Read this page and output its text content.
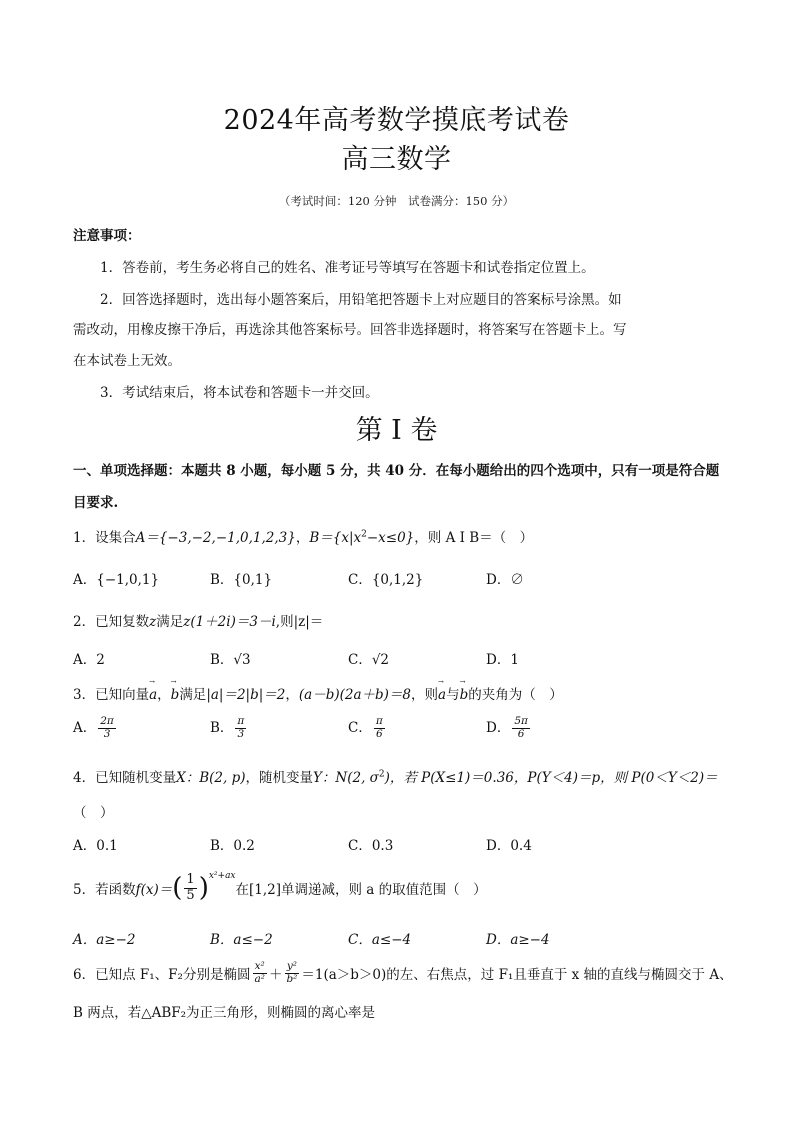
2024年高考数学摸底考试卷
高三数学
（考试时间：120 分钟　试卷满分：150 分）
注意事项：
1．答卷前，考生务必将自己的姓名、准考证号等填写在答题卡和试卷指定位置上。
2．回答选择题时，选出每小题答案后，用铅笔把答题卡上对应题目的答案标号涂黑。如
需改动，用橡皮擦干净后，再选涂其他答案标号。回答非选择题时，将答案写在答题卡上。写
在本试卷上无效。
3．考试结束后，将本试卷和答题卡一并交回。
第 I 卷
一、单项选择题：本题共 8 小题，每小题 5 分，共 40 分．在每小题给出的四个选项中，只有一项是符合题
目要求.
1．设集合A＝{−3,−2,−1,0,1,2,3}，$B=\{x|x^2-x\le 0\}$，则 A I B＝（　）
A．{−1,0,1}	B．{0,1}	C．{0,1,2}	D．∅
2．已知复数z满足z(1＋2i)＝3－i,则|z|＝
A．2	B．√3	C．√2	D．1
3．已知向量→ a，→ b满足|a|＝2|b|＝2，(a－b)(2a＋b)＝8，则→ a与→ b的夹角为（　）
A． $\frac{2\pi}{3}$	B． $\frac{\pi}{3}$	C． $\frac{\pi}{6}$	D． $\frac{5\pi}{6}$
4．已知随机变量X：B(2, p)，随机变量Y：N(2, $\sigma^2$)，若 P(X≤1)＝0.36，P(Y＜4)＝p，则 P(0＜Y＜2)＝
（　）
A．0.1	B．0.2	C．0.3	D．0.4
5．若函数 f(x)＝ ( $\frac{1}{5} )^{x^2+ax}$
在[1,2]单调递减，则 a 的取值范围（　）
A．a≥−2	B．a≤−2	C．a≤−4	D．a≥−4
6．已知点 F₁、F₂分别是椭圆 $\frac{\text{x²}}{\text{a²}} + \frac{\text{y²}}{\text{b²}} =1(a>b>0)$的左、右焦点，过 F₁且垂直于 x 轴的直线与椭圆交于 A、
B 两点，若△ABF₂为正三角形，则椭圆的离心率是
